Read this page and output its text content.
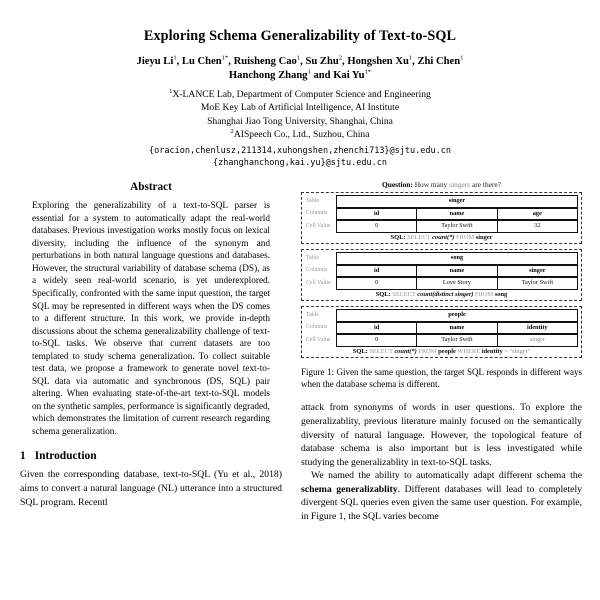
Exploring Schema Generalizability of Text-to-SQL
Jieyu Li$^1$, Lu Chen$^{1*}$, Ruisheng Cao$^1$, Su Zhu$^2$, Hongshen Xu$^1$, Zhi Chen$^1$
Hanchong Zhang$^1$ and Kai $Yu^{1*}$

$^1$X-LANCE Lab, Department of Computer Science and Engineering

MoE Key Lab of Artificial Intelligence, AI Institute

Shanghai Jiao Tong University, Shanghai, China

$^2$AISpeech Co., Ltd., Suzhou, China

{oracion,chenlusz,211314,xuhongshen,zhenchi713}@sjtu.edu.cn

{zhanghanchong,kai.yu}@sjtu.edu.cn

Abstract

Exploring the generalizability of a text-to-SQL parser is essential for a system to automatically adapt the real-world databases. Previous investigation works mostly focus on lexical diversity, including the influence of the synonym and perturbations in both natural language questions and databases. However, the structural variability of database schema (DS), as a widely seen real-world scenario, is yet underexplored. Specifically, confronted with the same input question, the target SQL may be represented in different ways when the DS comes to a different structure. In this work, we provide in-depth discussions about the schema generalizability challenge of text-to-SQL tasks. We observe that current datasets are too templated to study schema generalization. To collect suitable test data, we propose a framework to generate novel text-to-SQL data via automatic and synchronous (DS, SQL) pair altering. When evaluating state-of-the-art text-to-SQL models on the synthetic samples, performance is significantly degraded, which demonstrates the limitation of current research regarding schema generalization.

1 Introduction

Given the corresponding database, text-to-SQL (Yu et al., 2018) aims to convert a natural language (NL) utterance into a structured SQL program. Recentl

Question: How many singers are there?
Table	singer
Columns	id	name	age
Cell Value	0	Taylor Swift	32
SQL: SELECT count(*) FROM singer
Table	song
Columns	id	name	singer
Cell Value	0	Love Story	Taylor Swift
SQL: SELECT count(distinct singer) FROM song
Table	people
Columns	id	name	identity
Cell Value	0	Taylor Swift	singer
SQL: SELECT count(*) FROM people WHERE identity = "singer"

Figure 1: Given the same question, the target SQL responds in different ways when the database schema is different.

attack from synonyms of words in user questions. To explore the generalizablity, previous literature mainly focused on the semantically diversity of natural language. However, the topological feature of database schema is also important but is less investigated while studying the generalizablity in text-to-SQL tasks.

We named the ability to automatically adapt different schema the schema generalizablity. Different databases will lead to completely divergent SQL queries even given the same user question. For example, in Figure 1, the SQL varies become
